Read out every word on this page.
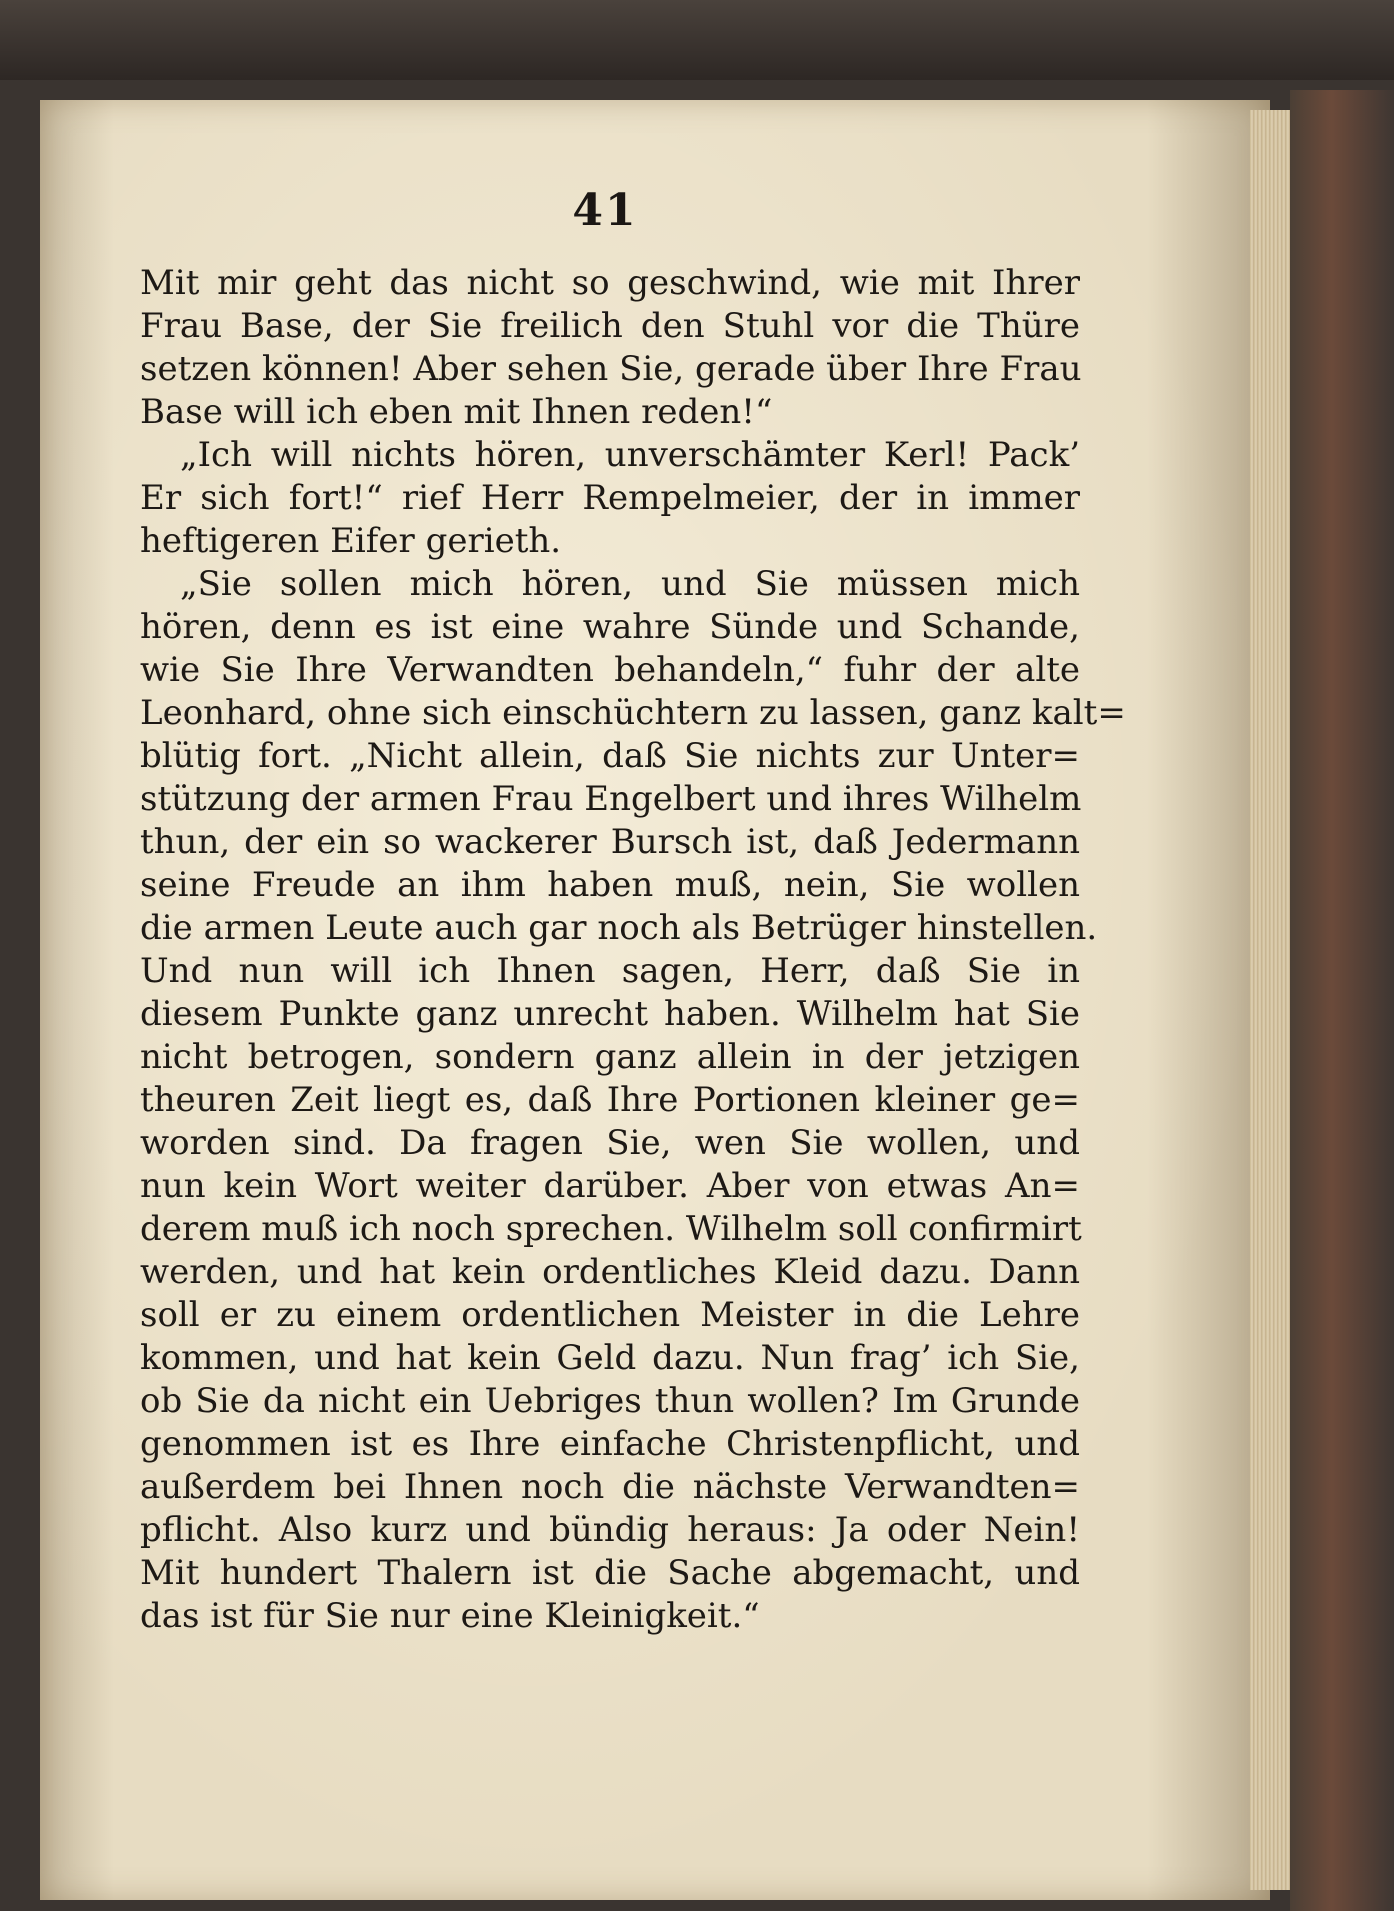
41
Mit mir geht das nicht so geschwind, wie mit Ihrer
Frau Base, der Sie freilich den Stuhl vor die Thüre
setzen können! Aber sehen Sie, gerade über Ihre Frau
Base will ich eben mit Ihnen reden!“
„Ich will nichts hören, unverschämter Kerl! Pack’
Er sich fort!“ rief Herr Rempelmeier, der in immer
heftigeren Eifer gerieth.
„Sie sollen mich hören, und Sie müssen mich
hören, denn es ist eine wahre Sünde und Schande,
wie Sie Ihre Verwandten behandeln,“ fuhr der alte
Leonhard, ohne sich einschüchtern zu lassen, ganz kalt=
blütig fort. „Nicht allein, daß Sie nichts zur Unter=
stützung der armen Frau Engelbert und ihres Wilhelm
thun, der ein so wackerer Bursch ist, daß Jedermann
seine Freude an ihm haben muß, nein, Sie wollen
die armen Leute auch gar noch als Betrüger hinstellen.
Und nun will ich Ihnen sagen, Herr, daß Sie in
diesem Punkte ganz unrecht haben. Wilhelm hat Sie
nicht betrogen, sondern ganz allein in der jetzigen
theuren Zeit liegt es, daß Ihre Portionen kleiner ge=
worden sind. Da fragen Sie, wen Sie wollen, und
nun kein Wort weiter darüber. Aber von etwas An=
derem muß ich noch sprechen. Wilhelm soll confirmirt
werden, und hat kein ordentliches Kleid dazu. Dann
soll er zu einem ordentlichen Meister in die Lehre
kommen, und hat kein Geld dazu. Nun frag’ ich Sie,
ob Sie da nicht ein Uebriges thun wollen? Im Grunde
genommen ist es Ihre einfache Christenpflicht, und
außerdem bei Ihnen noch die nächste Verwandten=
pflicht. Also kurz und bündig heraus: Ja oder Nein!
Mit hundert Thalern ist die Sache abgemacht, und
das ist für Sie nur eine Kleinigkeit.“
